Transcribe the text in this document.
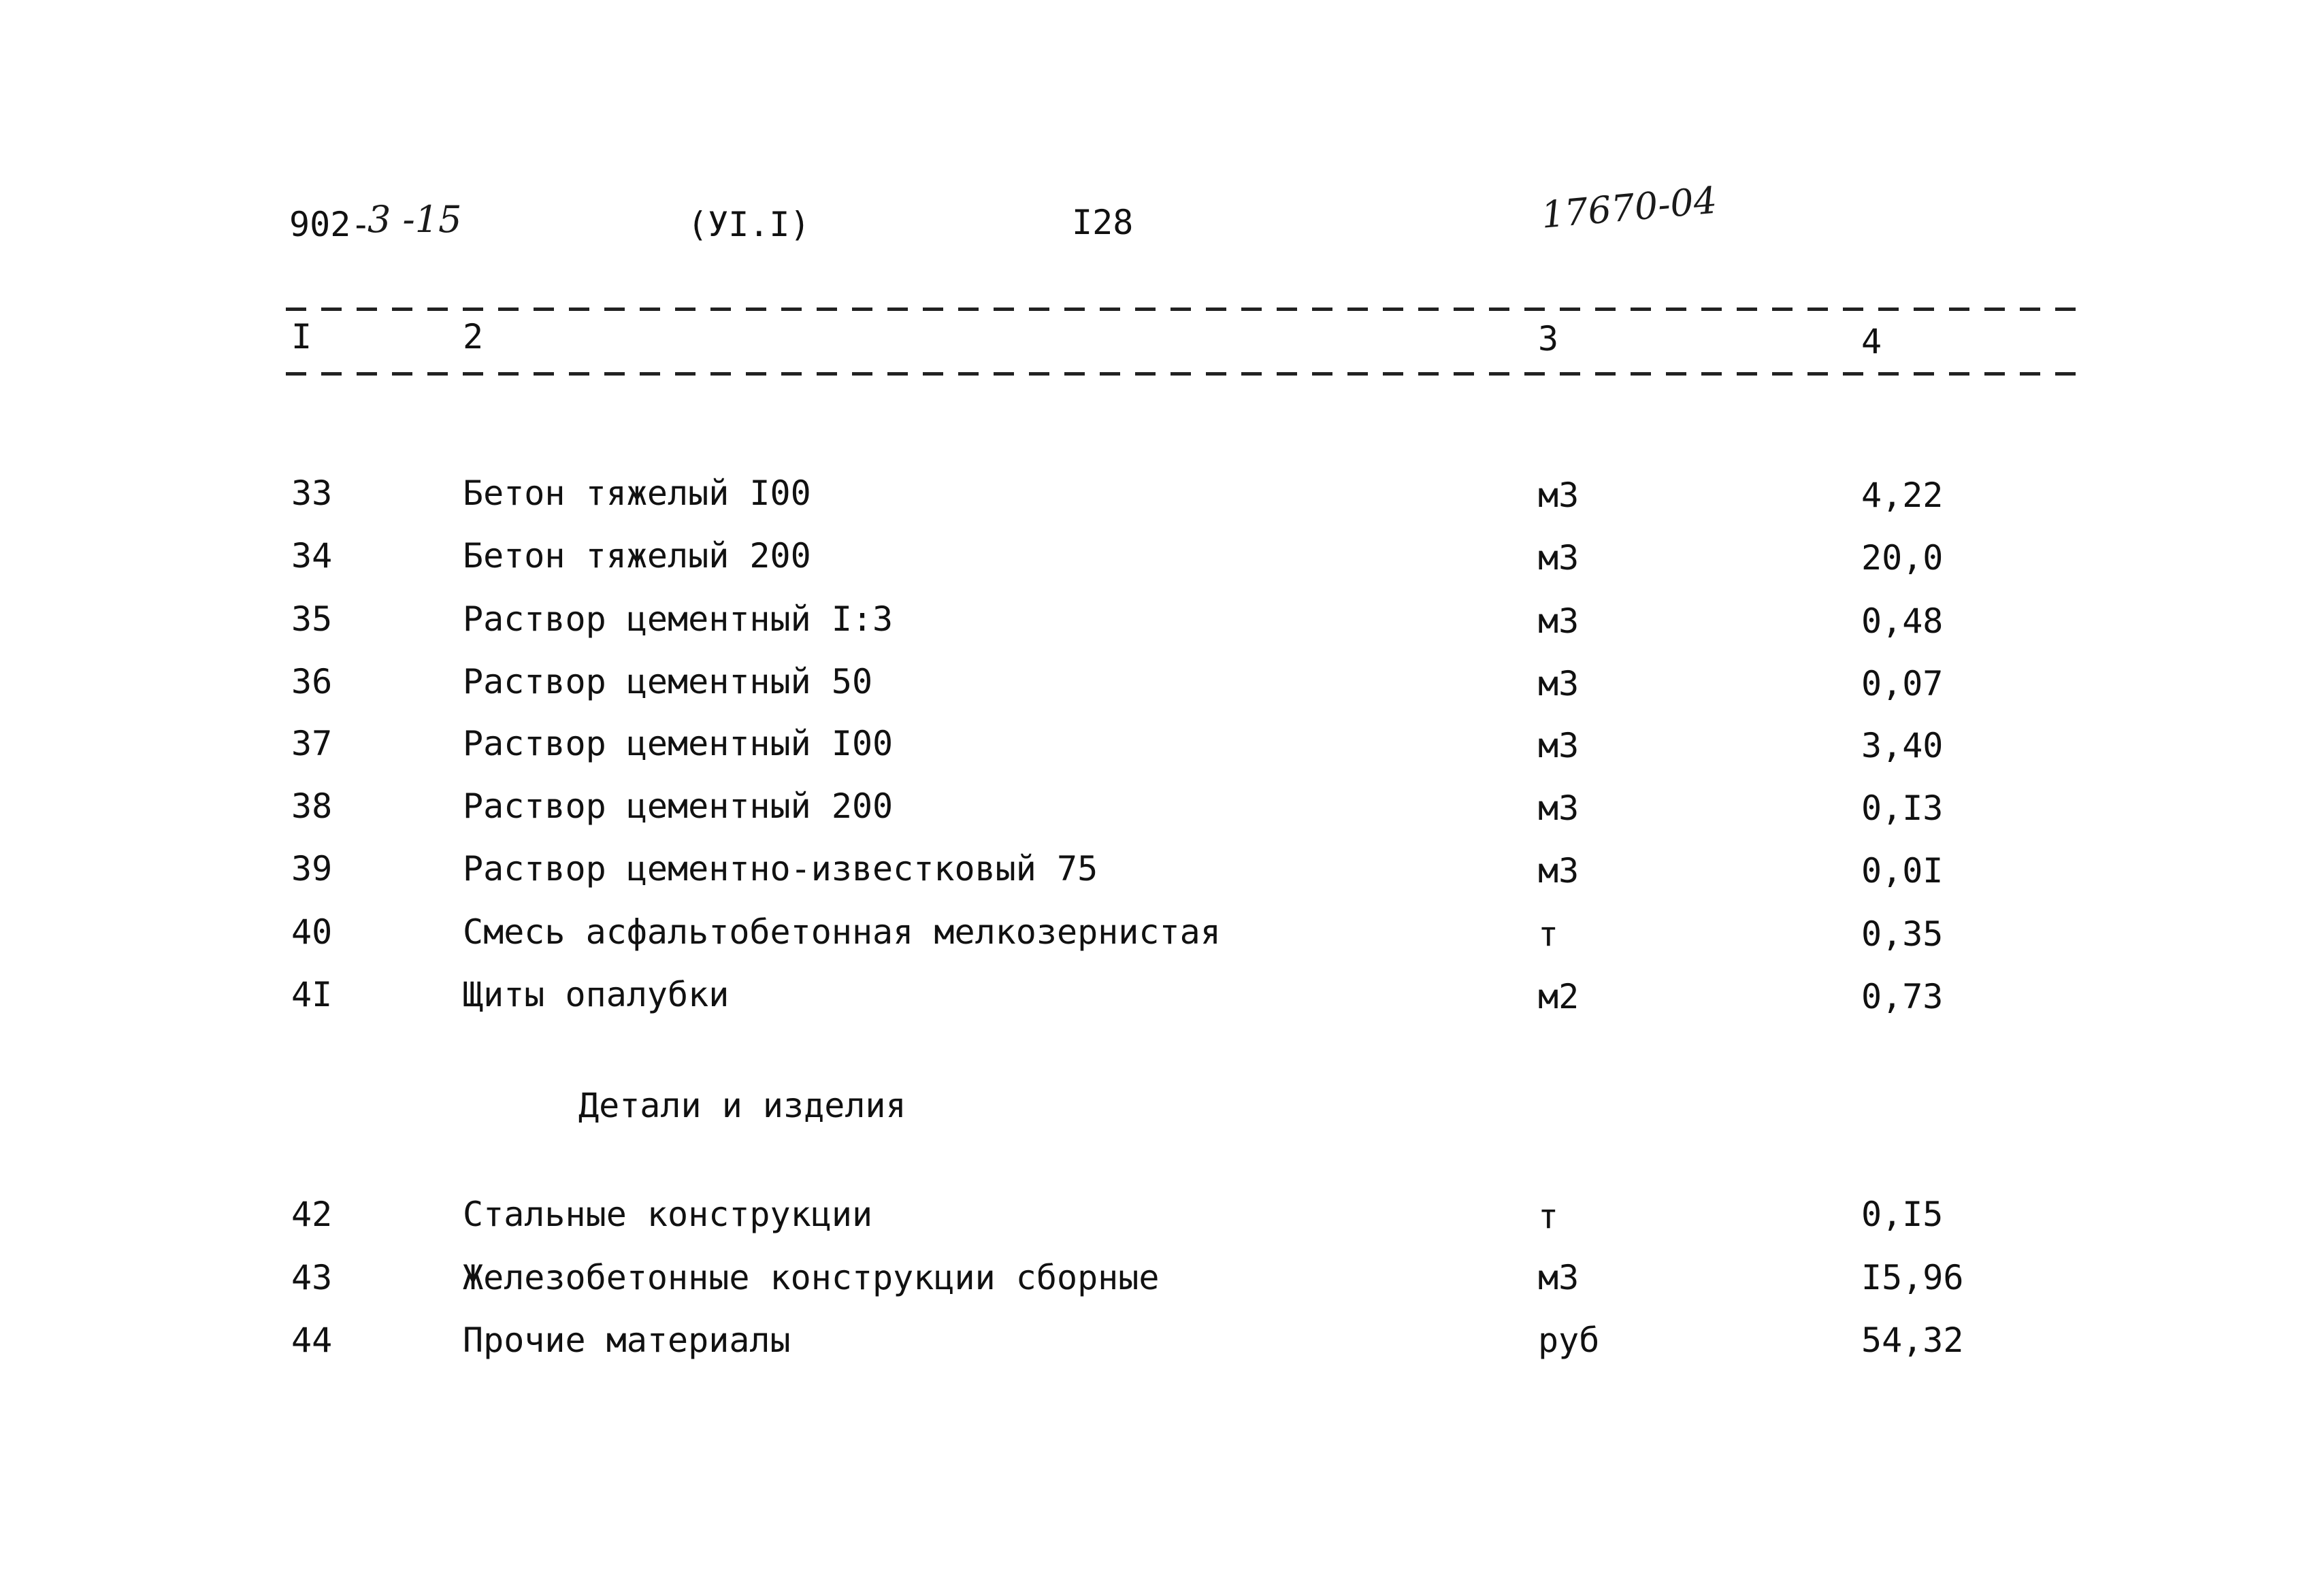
902-
3 -15	(УI.I)	I28	17670-04
I	2	3	4
33	Бетон тяжелый I00	м3	4,22
34	Бетон тяжелый 200	м3	20,0
35	Раствор цементный I:3	м3	0,48
36	Раствор цементный 50	м3	0,07
37	Раствор цементный I00	м3	3,40
38	Раствор цементный 200	м3	0,I3
39	Раствор цементно-известковый 75	м3	0,0I
40	Смесь асфальтобетонная мелкозернистая	т	0,35
4I	Щиты опалубки	м2	0,73
Детали и изделия
42	Стальные конструкции	т	0,I5
43	Железобетонные конструкции сборные	м3	I5,96
44	Прочие материалы	руб	54,32
